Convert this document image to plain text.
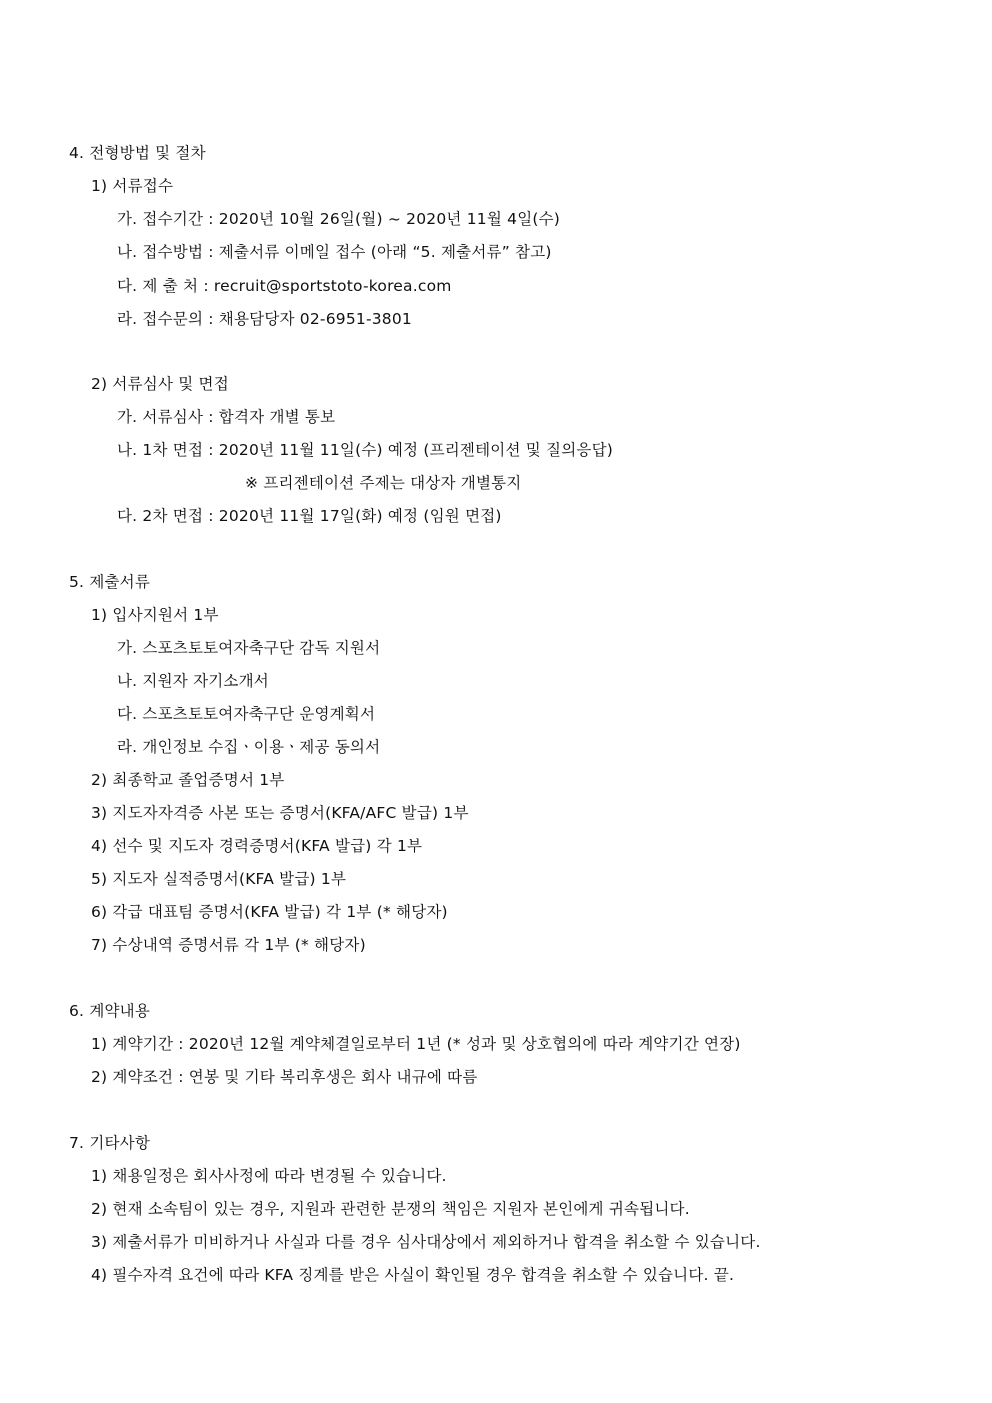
4. 전형방법 및 절차
1) 서류접수
가. 접수기간 : 2020년 10월 26일(월) ~ 2020년 11월 4일(수)
나. 접수방법 : 제출서류 이메일 접수 (아래 “5. 제출서류” 참고)
다. 제 출 처 : recruit@sportstoto-korea.com
라. 접수문의 : 채용담당자 02-6951-3801
2) 서류심사 및 면접
가. 서류심사 : 합격자 개별 통보
나. 1차 면접 : 2020년 11월 11일(수) 예정 (프리젠테이션 및 질의응답)
※ 프리젠테이션 주제는 대상자 개별통지
다. 2차 면접 : 2020년 11월 17일(화) 예정 (임원 면접)
5. 제출서류
1) 입사지원서 1부
가. 스포츠토토여자축구단 감독 지원서
나. 지원자 자기소개서
다. 스포츠토토여자축구단 운영계획서
라. 개인정보 수집ㆍ이용ㆍ제공 동의서
2) 최종학교 졸업증명서 1부
3) 지도자자격증 사본 또는 증명서(KFA/AFC 발급) 1부
4) 선수 및 지도자 경력증명서(KFA 발급) 각 1부
5) 지도자 실적증명서(KFA 발급) 1부
6) 각급 대표팀 증명서(KFA 발급) 각 1부 (* 해당자)
7) 수상내역 증명서류 각 1부 (* 해당자)
6. 계약내용
1) 계약기간 : 2020년 12월 계약체결일로부터 1년 (* 성과 및 상호협의에 따라 계약기간 연장)
2) 계약조건 : 연봉 및 기타 복리후생은 회사 내규에 따름
7. 기타사항
1) 채용일정은 회사사정에 따라 변경될 수 있습니다.
2) 현재 소속팀이 있는 경우, 지원과 관련한 분쟁의 책임은 지원자 본인에게 귀속됩니다.
3) 제출서류가 미비하거나 사실과 다를 경우 심사대상에서 제외하거나 합격을 취소할 수 있습니다.
4) 필수자격 요건에 따라 KFA 징계를 받은 사실이 확인될 경우 합격을 취소할 수 있습니다. 끝.
